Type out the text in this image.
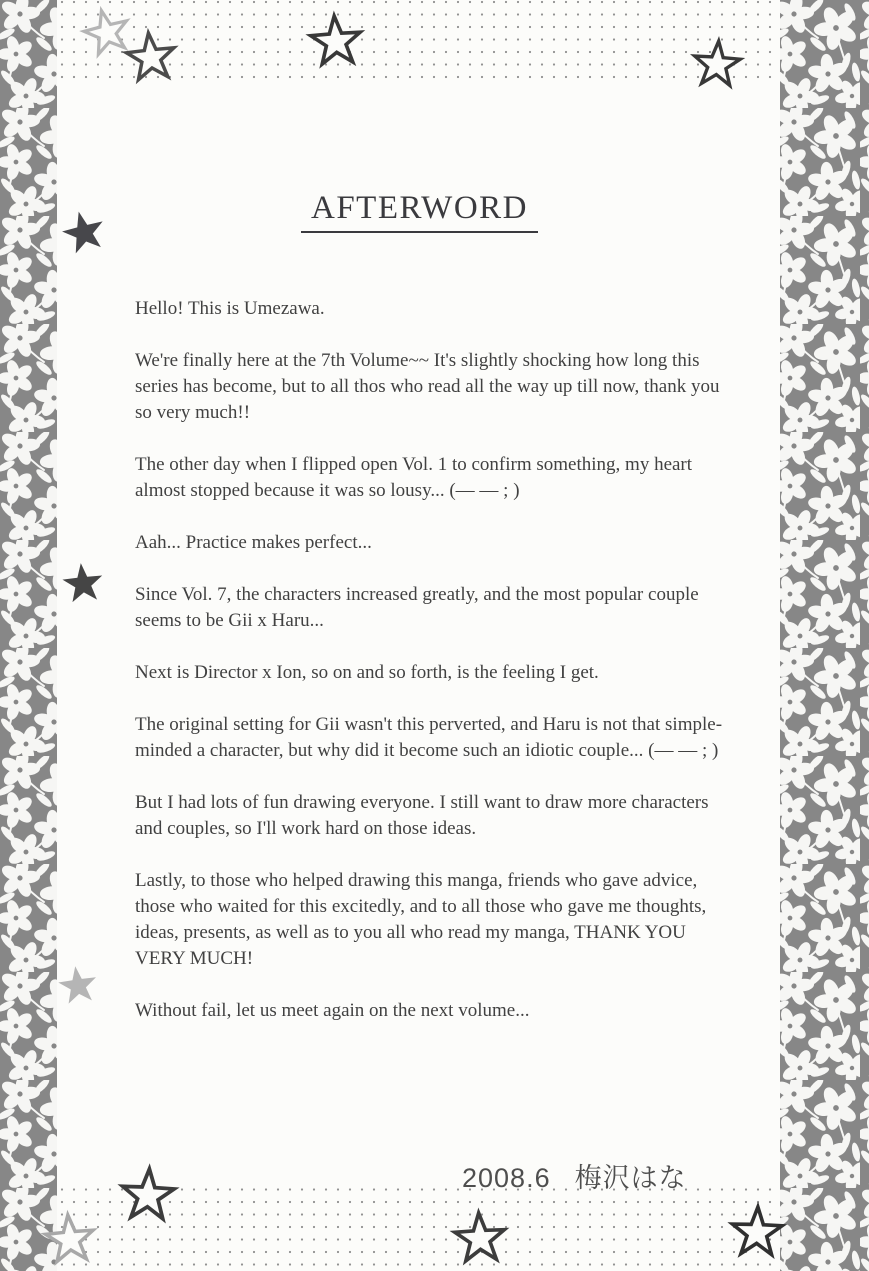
AFTERWORD

Hello! This is Umezawa.

We're finally here at the 7th Volume~~ It's slightly shocking how long this series has become, but to all thos who read all the way up till now, thank you so very much!!

The other day when I flipped open Vol. 1 to confirm something, my heart almost stopped because it was so lousy... (— — ; )

Aah... Practice makes perfect...

Since Vol. 7, the characters increased greatly, and the most popular couple seems to be Gii x Haru...

Next is Director x Ion, so on and so forth, is the feeling I get.

The original setting for Gii wasn't this perverted, and Haru is not that simple-minded a character, but why did it become such an idiotic couple... (— — ; )

But I had lots of fun drawing everyone. I still want to draw more characters and couples, so I'll work hard on those ideas.

Lastly, to those who helped drawing this manga, friends who gave advice, those who waited for this excitedly, and to all those who gave me thoughts, ideas, presents, as well as to you all who read my manga, THANK YOU VERY MUCH!

Without fail, let us meet again on the next volume...

2008.6 梅沢はな
